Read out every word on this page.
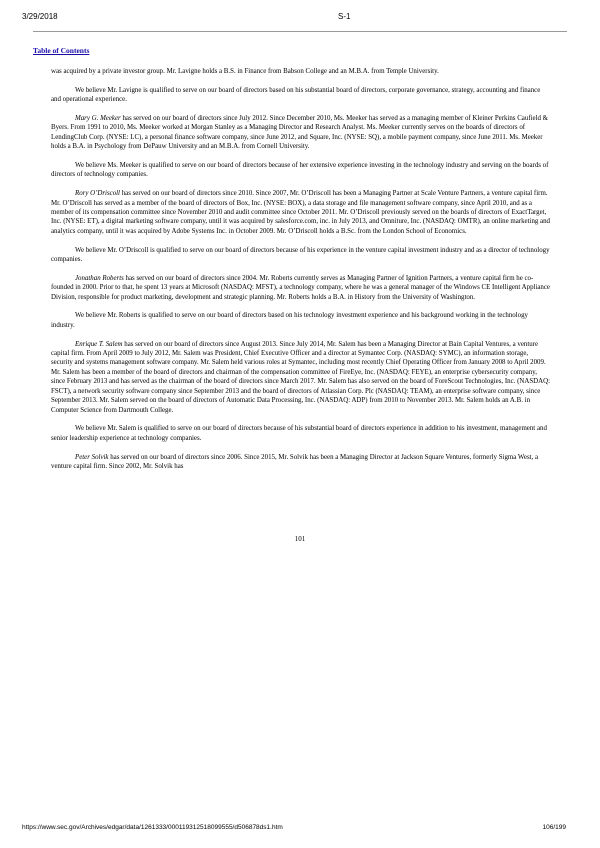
3/29/2018	S-1
Table of Contents

was acquired by a private investor group. Mr. Lavigne holds a B.S. in Finance from Babson College and an M.B.A. from Temple University.

We believe Mr. Lavigne is qualified to serve on our board of directors based on his substantial board of directors, corporate governance, strategy, accounting and finance and operational experience.

Mary G. Meeker has served on our board of directors since July 2012. Since December 2010, Ms. Meeker has served as a managing member of Kleiner Perkins Caufield & Byers. From 1991 to 2010, Ms. Meeker worked at Morgan Stanley as a Managing Director and Research Analyst. Ms. Meeker currently serves on the boards of directors of LendingClub Corp. (NYSE: LC), a personal finance software company, since June 2012, and Square, Inc. (NYSE: SQ), a mobile payment company, since June 2011. Ms. Meeker holds a B.A. in Psychology from DePauw University and an M.B.A. from Cornell University.

We believe Ms. Meeker is qualified to serve on our board of directors because of her extensive experience investing in the technology industry and serving on the boards of directors of technology companies.

Rory O’Driscoll has served on our board of directors since 2010. Since 2007, Mr. O’Driscoll has been a Managing Partner at Scale Venture Partners, a venture capital firm. Mr. O’Driscoll has served as a member of the board of directors of Box, Inc. (NYSE: BOX), a data storage and file management software company, since April 2010, and as a member of its compensation committee since November 2010 and audit committee since October 2011. Mr. O’Driscoll previously served on the boards of directors of ExactTarget, Inc. (NYSE: ET), a digital marketing software company, until it was acquired by salesforce.com, inc. in July 2013, and Omniture, Inc. (NASDAQ: OMTR), an online marketing and analytics company, until it was acquired by Adobe Systems Inc. in October 2009. Mr. O’Driscoll holds a B.Sc. from the London School of Economics.

We believe Mr. O’Driscoll is qualified to serve on our board of directors because of his experience in the venture capital investment industry and as a director of technology companies.

Jonathan Roberts has served on our board of directors since 2004. Mr. Roberts currently serves as Managing Partner of Ignition Partners, a venture capital firm he co-founded in 2000. Prior to that, he spent 13 years at Microsoft (NASDAQ: MFST), a technology company, where he was a general manager of the Windows CE Intelligent Appliance Division, responsible for product marketing, development and strategic planning. Mr. Roberts holds a B.A. in History from the University of Washington.

We believe Mr. Roberts is qualified to serve on our board of directors based on his technology investment experience and his background working in the technology industry.

Enrique T. Salem has served on our board of directors since August 2013. Since July 2014, Mr. Salem has been a Managing Director at Bain Capital Ventures, a venture capital firm. From April 2009 to July 2012, Mr. Salem was President, Chief Executive Officer and a director at Symantec Corp. (NASDAQ: SYMC), an information storage, security and systems management software company. Mr. Salem held various roles at Symantec, including most recently Chief Operating Officer from January 2008 to April 2009. Mr. Salem has been a member of the board of directors and chairman of the compensation committee of FireEye, Inc. (NASDAQ: FEYE), an enterprise cybersecurity company, since February 2013 and has served as the chairman of the board of directors since March 2017. Mr. Salem has also served on the board of ForeScout Technologies, Inc. (NASDAQ: FSCT), a network security software company since September 2013 and the board of directors of Atlassian Corp. Plc (NASDAQ: TEAM), an enterprise software company, since September 2013. Mr. Salem served on the board of directors of Automatic Data Processing, Inc. (NASDAQ: ADP) from 2010 to November 2013. Mr. Salem holds an A.B. in Computer Science from Dartmouth College.

We believe Mr. Salem is qualified to serve on our board of directors because of his substantial board of directors experience in addition to his investment, management and senior leadership experience at technology companies.

Peter Solvik has served on our board of directors since 2006. Since 2015, Mr. Solvik has been a Managing Director at Jackson Square Ventures, formerly Sigma West, a venture capital firm. Since 2002, Mr. Solvik has

101
https://www.sec.gov/Archives/edgar/data/1261333/000119312518099555/d506878ds1.htm	106/199
